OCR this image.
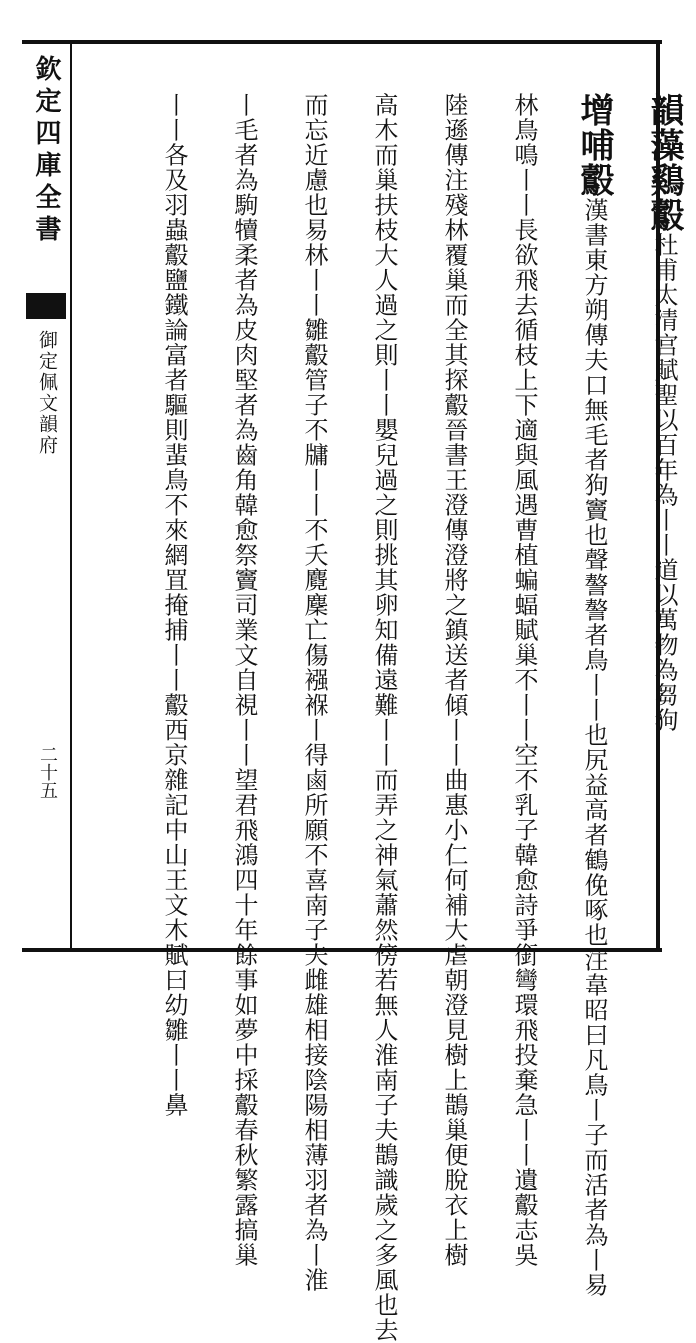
欽定四庫全書
御定佩文韻府
二十五

韻藻鷄鷇杜甫太清宫賦聖以百年為丨丨道以萬物為芻狗

增哺鷇漢書東方朔傳夫口無毛者狗竇也聲謷謷者鳥丨丨也尻益高者鶴俛啄也注韋昭曰凡鳥丨子而活者為丨易

林鳥鳴丨丨長欲飛去循枝上下適與風遇曹植蝙蝠賦巢不丨丨空不乳子韓愈詩爭銜彎環飛投棄急丨丨遺鷇志吳

陸遜傳注殘林覆巢而全其探鷇晉書王澄傳澄將之鎮送者傾丨丨曲惠小仁何補大虐朝澄見樹上鵲巢便脫衣上樹

高木而巢扶枝大人過之則丨丨嬰兒過之則挑其卵知備遠難丨丨而弄之神氣蕭然傍若無人淮南子夫鵲識歲之多風也去

而忘近慮也易林丨丨雛鷇管子不牗丨丨不夭麑麇亡傷襁褓丨得鹵所願不喜南子夫雌雄相接陰陽相薄羽者為丨淮

丨毛者為駒犢柔者為皮肉堅者為齒角韓愈祭竇司業文自視丨丨望君飛鴻四十年餘事如夢中採鷇春秋繁露搞巢

丨丨各及羽蟲鷇鹽鐵論富者驅則蜚鳥不來網罝掩捕丨丨鷇西京雜記中山王文木賦曰幼雛丨丨鼻
